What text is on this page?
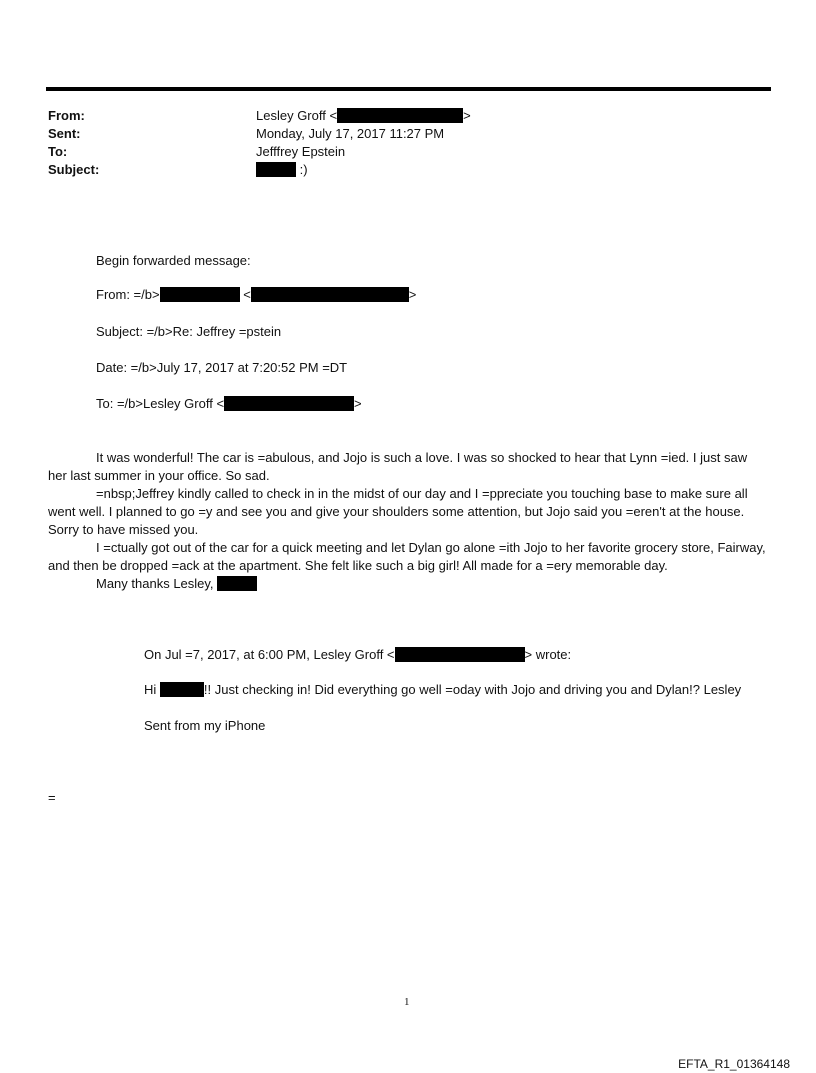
From:	Lesley Groff <	>
Sent:	Monday, July 17, 2017 11:27 PM
To:	Jefffrey Epstein
Subject:	:)
Begin forwarded message:
From: =/b>	<	>
Subject: =/b>Re: Jeffrey =pstein
Date: =/b>July 17, 2017 at 7:20:52 PM =DT
To: =/b>Lesley Groff <	>

It was wonderful! The car is =abulous, and Jojo is such a love. I was so shocked to hear that Lynn =ied. I just saw her last summer in your office. So sad.

=nbsp;Jeffrey kindly called to check in in the midst of our day and I =ppreciate you touching base to make sure all went well. I planned to go =y and see you and give your shoulders some attention, but Jojo said you =eren't at the house. Sorry to have missed you.

I =ctually got out of the car for a quick meeting and let Dylan go alone =ith Jojo to her favorite grocery store, Fairway, and then be dropped =ack at the apartment. She felt like such a big girl! All made for a =ery memorable day.

Many thanks Lesley,

On Jul =7, 2017, at 6:00 PM, Lesley Groff <	> wrote:
Hi	!! Just checking in! Did everything go well =oday with Jojo and driving you and Dylan!? Lesley
Sent from my iPhone
=
1
EFTA_R1_01364148
